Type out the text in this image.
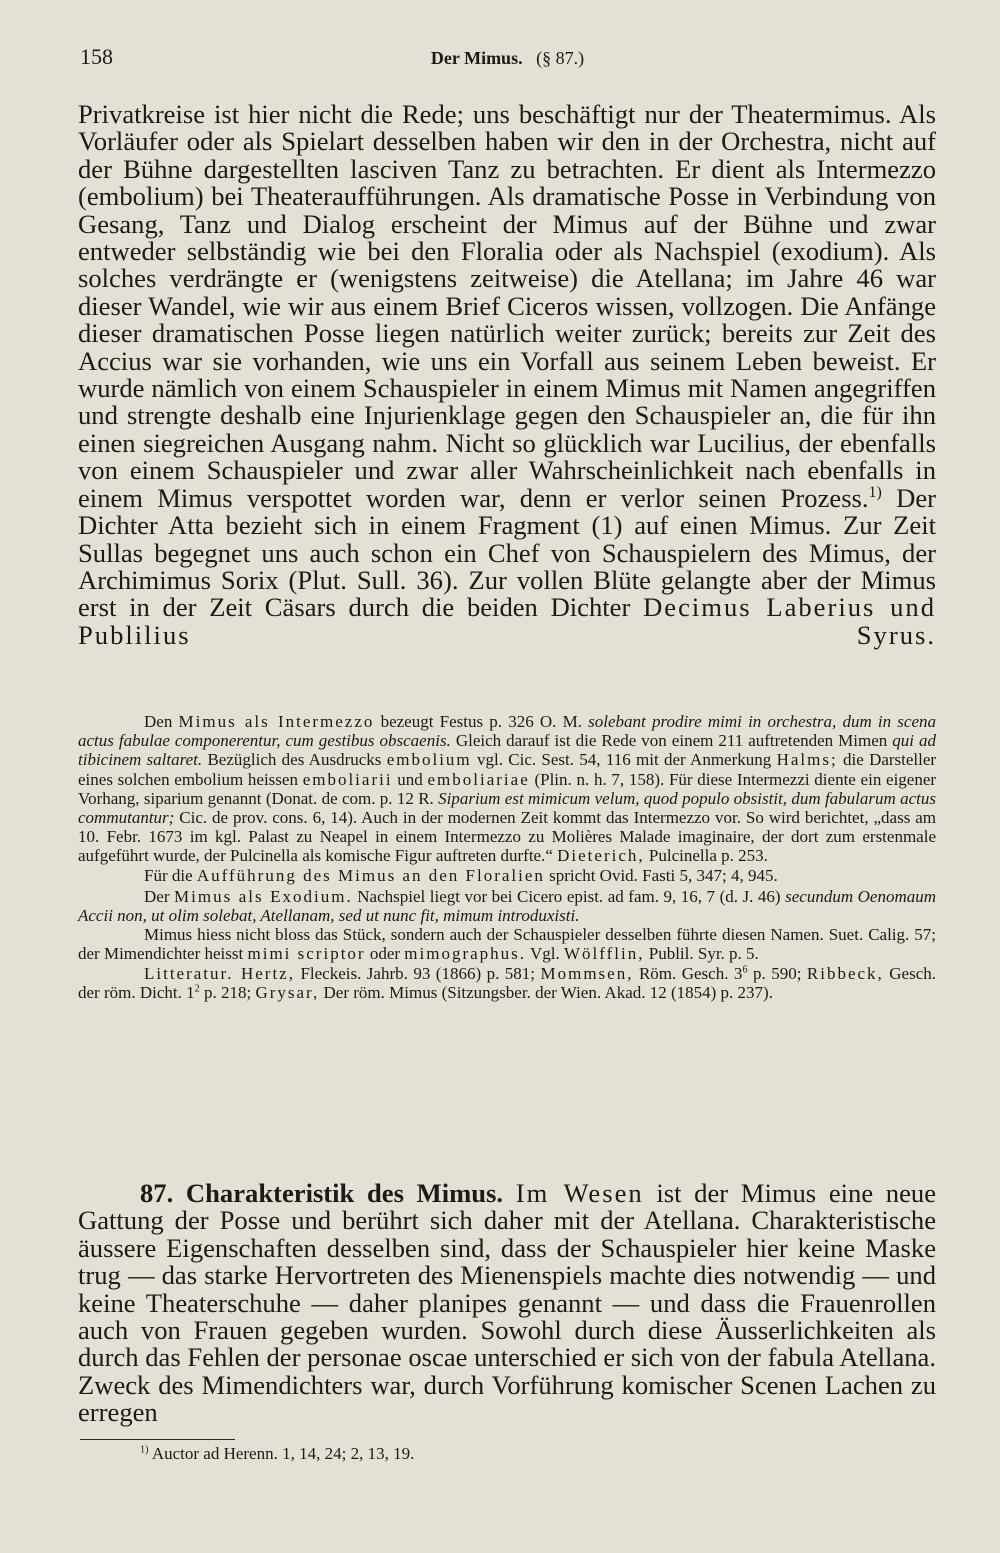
158	Der Mimus. (§ 87.)
Privatkreise ist hier nicht die Rede; uns beschäftigt nur der Theatermimus. Als Vorläufer oder als Spielart desselben haben wir den in der Orchestra, nicht auf der Bühne dargestellten lasciven Tanz zu betrachten. Er dient als Intermezzo (embolium) bei Theateraufführungen. Als dramatische Posse in Verbindung von Gesang, Tanz und Dialog erscheint der Mimus auf der Bühne und zwar entweder selbständig wie bei den Floralia oder als Nachspiel (exodium). Als solches verdrängte er (wenigstens zeitweise) die Atellana; im Jahre 46 war dieser Wandel, wie wir aus einem Brief Ciceros wissen, vollzogen. Die Anfänge dieser dramatischen Posse liegen natürlich weiter zurück; bereits zur Zeit des Accius war sie vorhanden, wie uns ein Vorfall aus seinem Leben beweist. Er wurde nämlich von einem Schauspieler in einem Mimus mit Namen angegriffen und strengte deshalb eine Injurienklage gegen den Schauspieler an, die für ihn einen siegreichen Ausgang nahm. Nicht so glücklich war Lucilius, der ebenfalls von einem Schauspieler und zwar aller Wahrscheinlichkeit nach ebenfalls in einem Mimus verspottet worden war, denn er verlor seinen Prozess.$^{1)}$ Der Dichter Atta bezieht sich in einem Fragment (1) auf einen Mimus. Zur Zeit Sullas begegnet uns auch schon ein Chef von Schauspielern des Mimus, der Archimimus Sorix (Plut. Sull. 36). Zur vollen Blüte gelangte aber der Mimus erst in der Zeit Cäsars durch die beiden Dichter Decimus Laberius und Publilius Syrus.

Den Mimus als Intermezzo bezeugt Festus p. 326 O. M. solebant prodire mimi in orchestra, dum in scena actus fabulae componerentur, cum gestibus obscaenis. Gleich darauf ist die Rede von einem 211 auftretenden Mimen qui ad tibicinem saltaret. Bezüglich des Ausdrucks embolium vgl. Cic. Sest. 54, 116 mit der Anmerkung Halms; die Darsteller eines solchen embolium heissen emboliarii und emboliariae (Plin. n. h. 7, 158). Für diese Intermezzi diente ein eigener Vorhang, siparium genannt (Donat. de com. p. 12 R. Siparium est mimicum velum, quod populo obsistit, dum fabularum actus commutantur; Cic. de prov. cons. 6, 14). Auch in der modernen Zeit kommt das Intermezzo vor. So wird berichtet, „dass am 10. Febr. 1673 im kgl. Palast zu Neapel in einem Intermezzo zu Molières Malade imaginaire, der dort zum erstenmale aufgeführt wurde, der Pulcinella als komische Figur auftreten durfte.“ Dieterich, Pulcinella p. 253.

Für die Aufführung des Mimus an den Floralien spricht Ovid. Fasti 5, 347; 4, 945.

Der Mimus als Exodium. Nachspiel liegt vor bei Cicero epist. ad fam. 9, 16, 7 (d. J. 46) secundum Oenomaum Accii non, ut olim solebat, Atellanam, sed ut nunc fit, mimum introduxisti.

Mimus hiess nicht bloss das Stück, sondern auch der Schauspieler desselben führte diesen Namen. Suet. Calig. 57; der Mimendichter heisst mimi scriptor oder mimographus. Vgl. Wölfflin, Publil. Syr. p. 5.

Litteratur. Hertz, Fleckeis. Jahrb. 93 (1866) p. 581; Mommsen, Röm. Gesch. $3^6$ p. 590; Ribbeck, Gesch. der röm. Dicht. $1^2$ p. 218; Grysar, Der röm. Mimus (Sitzungsber. der Wien. Akad. 12 (1854) p. 237).

87. Charakteristik des Mimus. Im Wesen ist der Mimus eine neue Gattung der Posse und berührt sich daher mit der Atellana. Charakteristische äussere Eigenschaften desselben sind, dass der Schauspieler hier keine Maske trug — das starke Hervortreten des Mienenspiels machte dies notwendig — und keine Theaterschuhe — daher planipes genannt — und dass die Frauenrollen auch von Frauen gegeben wurden. Sowohl durch diese Äusserlichkeiten als durch das Fehlen der personae oscae unterschied er sich von der fabula Atellana. Zweck des Mimendichters war, durch Vorführung komischer Scenen Lachen zu erregen
$^{1)}$ Auctor ad Herenn. 1, 14, 24; 2, 13, 19.
